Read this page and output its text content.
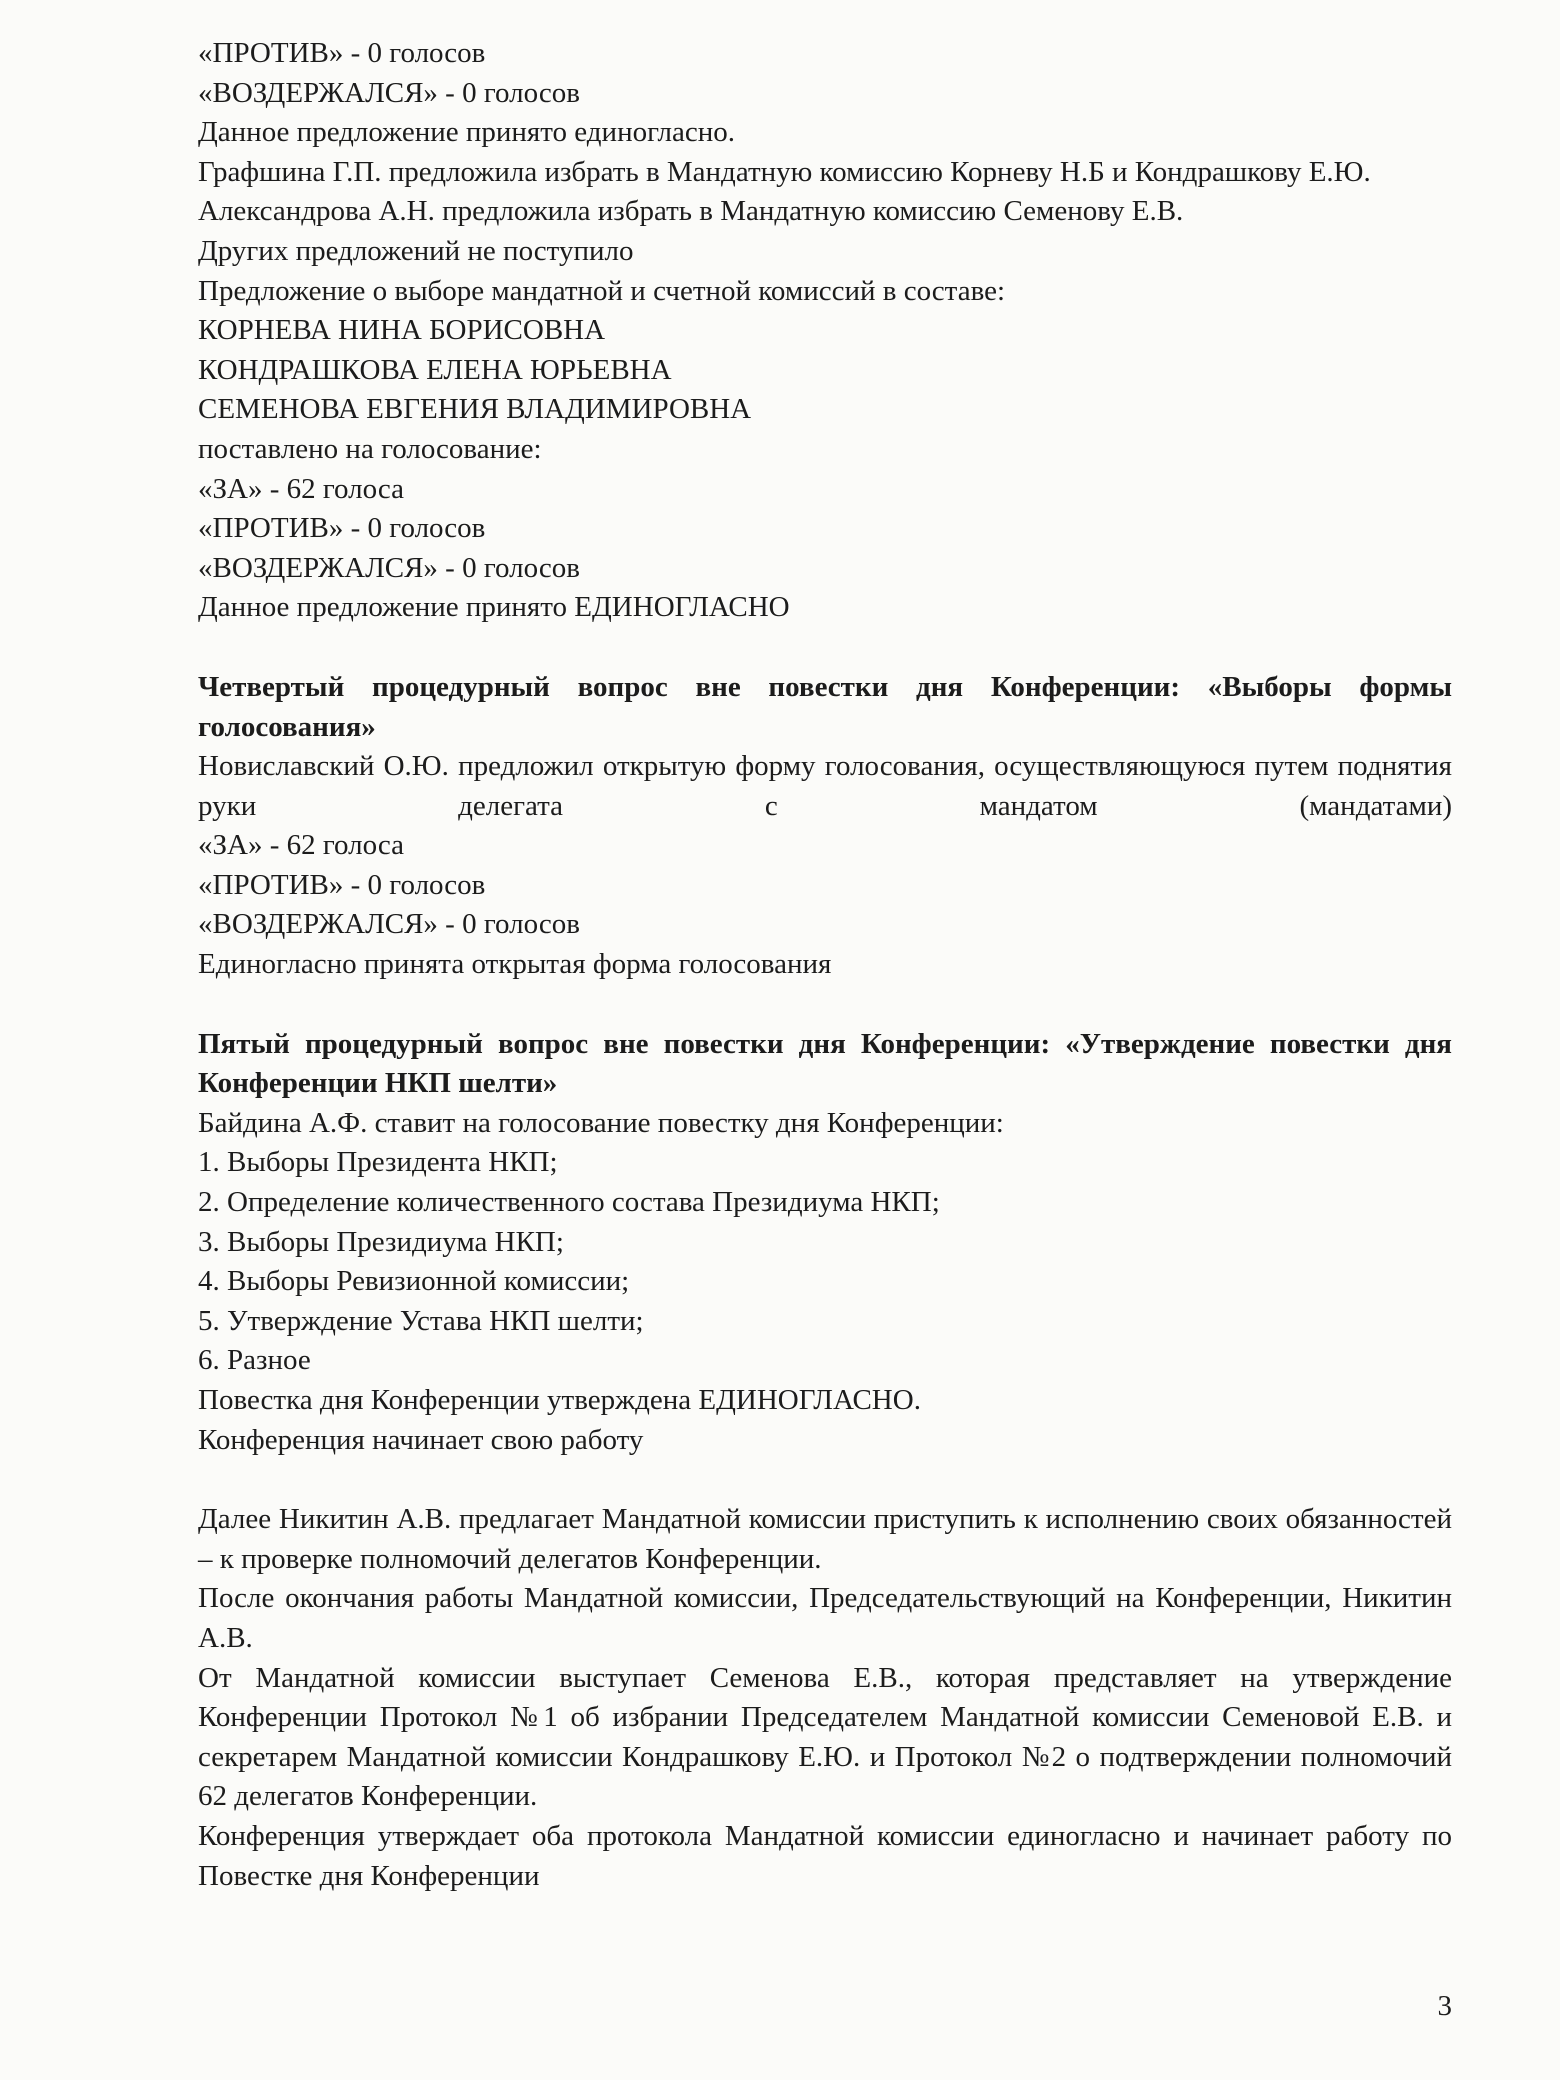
«ПРОТИВ» - 0 голосов

«ВОЗДЕРЖАЛСЯ» - 0 голосов

Данное предложение принято единогласно.

Графшина Г.П. предложила избрать в Мандатную комиссию Корневу Н.Б и Кондрашкову Е.Ю.

Александрова А.Н. предложила избрать в Мандатную комиссию Семенову Е.В.

Других предложений не поступило

Предложение о выборе мандатной и счетной комиссий в составе:

КОРНЕВА НИНА БОРИСОВНА

КОНДРАШКОВА ЕЛЕНА ЮРЬЕВНА

СЕМЕНОВА ЕВГЕНИЯ ВЛАДИМИРОВНА

поставлено на голосование:

«ЗА» - 62 голоса

«ПРОТИВ» - 0 голосов

«ВОЗДЕРЖАЛСЯ» - 0 голосов

Данное предложение принято ЕДИНОГЛАСНО

Четвертый процедурный вопрос вне повестки дня Конференции: «Выборы формы голосования»

Новиславский О.Ю. предложил открытую форму голосования, осуществляющуюся путем поднятия руки делегата с мандатом (мандатами)

«ЗА» - 62 голоса

«ПРОТИВ» - 0 голосов

«ВОЗДЕРЖАЛСЯ» - 0 голосов

Единогласно принята открытая форма голосования

Пятый процедурный вопрос вне повестки дня Конференции: «Утверждение повестки дня Конференции НКП шелти»

Байдина А.Ф. ставит на голосование повестку дня Конференции:

1. Выборы Президента НКП;

2. Определение количественного состава Президиума НКП;

3. Выборы Президиума НКП;

4. Выборы Ревизионной комиссии;

5. Утверждение Устава НКП шелти;

6. Разное

Повестка дня Конференции утверждена ЕДИНОГЛАСНО.

Конференция начинает свою работу

Далее Никитин А.В. предлагает Мандатной комиссии приступить к исполнению своих обязанностей – к проверке полномочий делегатов Конференции.

После окончания работы Мандатной комиссии, Председательствующий на Конференции, Никитин А.В.

От Мандатной комиссии выступает Семенова Е.В., которая представляет на утверждение Конференции Протокол №1 об избрании Председателем Мандатной комиссии Семеновой Е.В. и секретарем Мандатной комиссии Кондрашкову Е.Ю. и Протокол №2 о подтверждении полномочий 62 делегатов Конференции.

Конференция утверждает оба протокола Мандатной комиссии единогласно и начинает работу по Повестке дня Конференции

3
